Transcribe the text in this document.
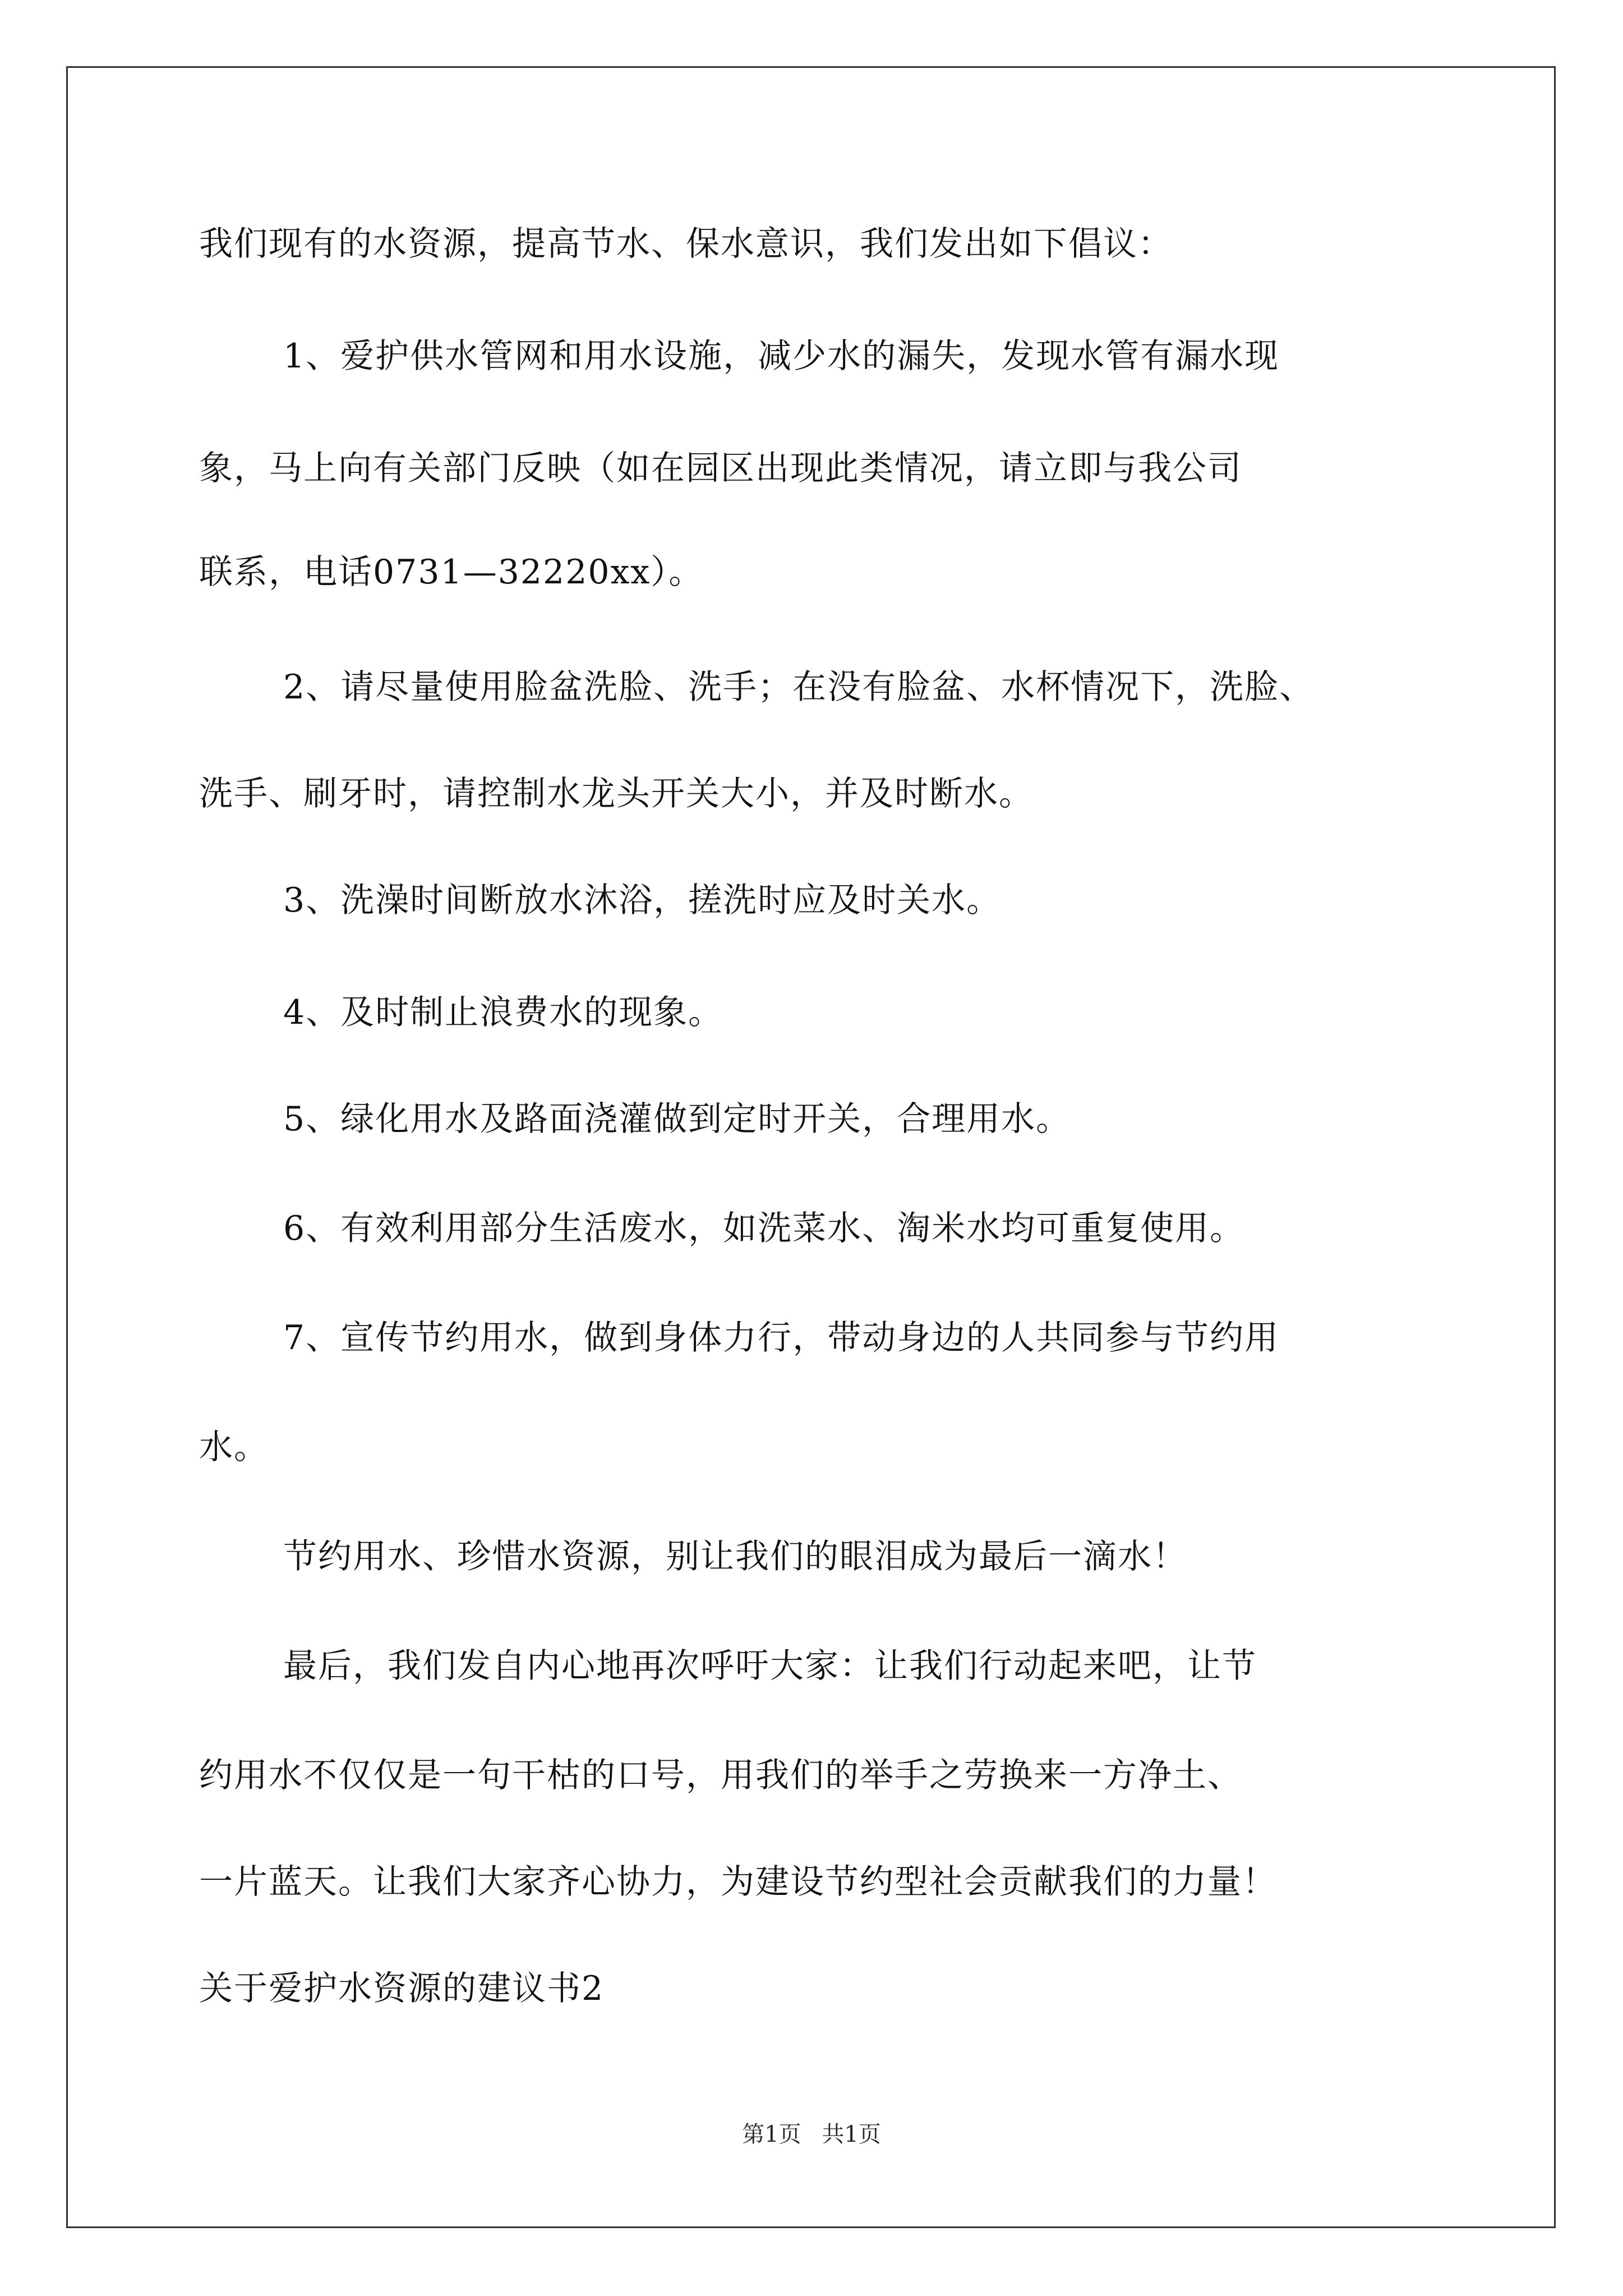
我们现有的水资源，提高节水、保水意识，我们发出如下倡议：
1、爱护供水管网和用水设施，减少水的漏失，发现水管有漏水现
象，马上向有关部门反映（如在园区出现此类情况，请立即与我公司
联系，电话0731—32220xx）。
2、请尽量使用脸盆洗脸、洗手；在没有脸盆、水杯情况下，洗脸、
洗手、刷牙时，请控制水龙头开关大小，并及时断水。
3、洗澡时间断放水沐浴，搓洗时应及时关水。
4、及时制止浪费水的现象。
5、绿化用水及路面浇灌做到定时开关，合理用水。
6、有效利用部分生活废水，如洗菜水、淘米水均可重复使用。
7、宣传节约用水，做到身体力行，带动身边的人共同参与节约用
水。
节约用水、珍惜水资源，别让我们的眼泪成为最后一滴水！
最后，我们发自内心地再次呼吁大家：让我们行动起来吧，让节
约用水不仅仅是一句干枯的口号，用我们的举手之劳换来一方净土、
一片蓝天。让我们大家齐心协力，为建设节约型社会贡献我们的力量！
关于爱护水资源的建议书2
第1页 共1页
